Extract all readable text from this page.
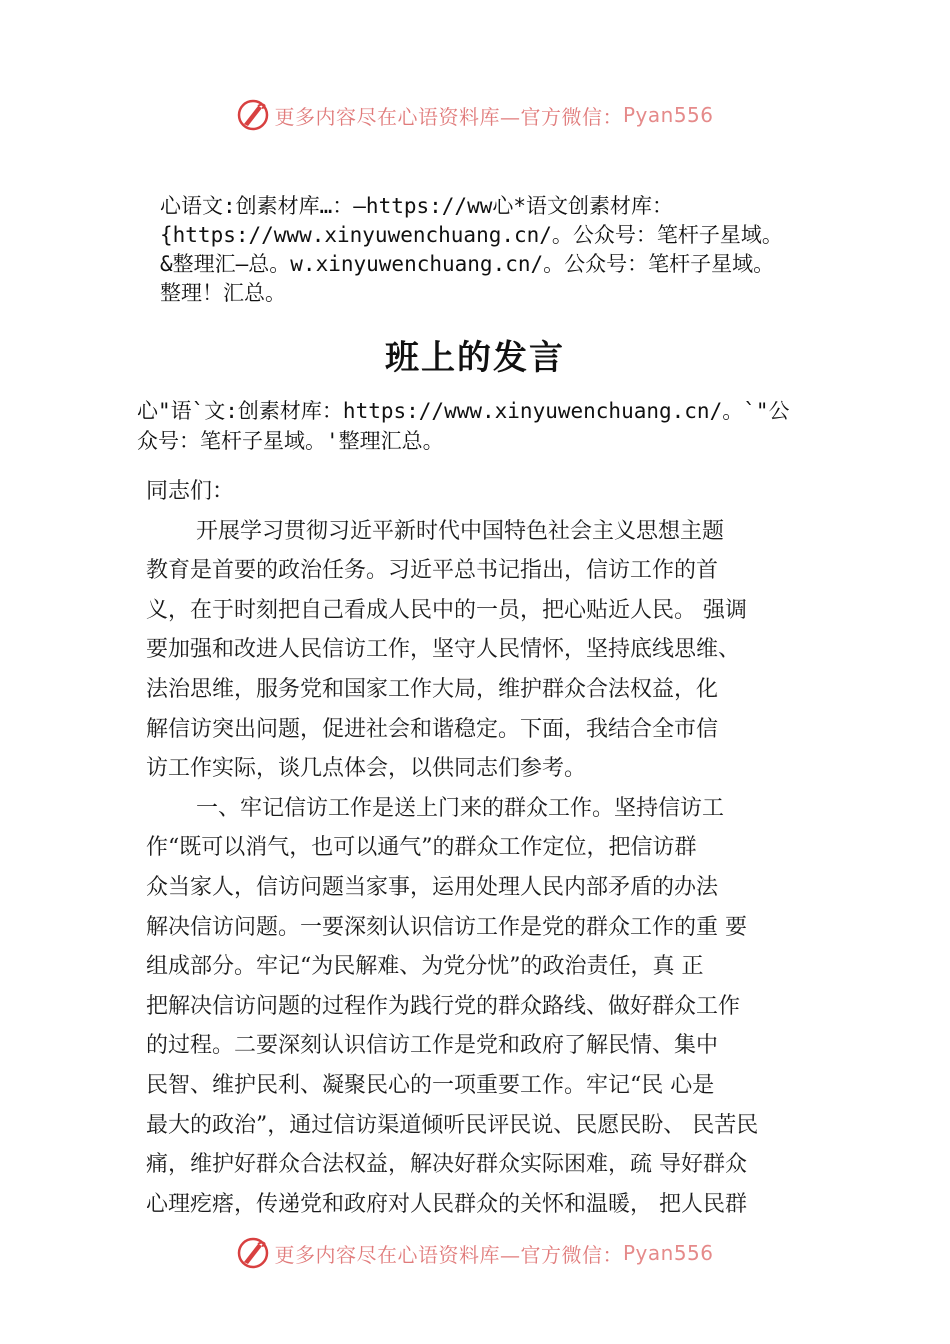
更多内容尽在心语资料库—官方微信： Pyan556
心语文:创素材库…：—https://ww心*语文创素材库：
{https://www.xinyuwenchuang.cn/。公众号：笔杆子星域。
&整理汇—总。w.xinyuwenchuang.cn/。公众号：笔杆子星域。
整理！汇总。
班上的发言
心"语`文:创素材库：https://www.xinyuwenchuang.cn/。`"公
众号：笔杆子星域。'整理汇总。
同志们：
开展学习贯彻习近平新时代中国特色社会主义思想主题
教育是首要的政治任务。习近平总书记指出，信访工作的首
义，在于时刻把自己看成人民中的一员，把心贴近人民。 强调
要加强和改进人民信访工作，坚守人民情怀，坚持底线思维、
法治思维，服务党和国家工作大局，维护群众合法权益，化
解信访突出问题，促进社会和谐稳定。下面，我结合全市信
访工作实际，谈几点体会，以供同志们参考。
一、牢记信访工作是送上门来的群众工作。坚持信访工
作“既可以消气，也可以通气”的群众工作定位，把信访群
众当家人，信访问题当家事，运用处理人民内部矛盾的办法
解决信访问题。一要深刻认识信访工作是党的群众工作的重 要
组成部分。牢记“为民解难、为党分忧”的政治责任，真 正
把解决信访问题的过程作为践行党的群众路线、做好群众工作
的过程。二要深刻认识信访工作是党和政府了解民情、集中
民智、维护民利、凝聚民心的一项重要工作。牢记“民 心是
最大的政治”，通过信访渠道倾听民评民说、民愿民盼、 民苦民
痛，维护好群众合法权益，解决好群众实际困难，疏 导好群众
心理疙瘩，传递党和政府对人民群众的关怀和温暖， 把人民群
更多内容尽在心语资料库—官方微信： Pyan556
